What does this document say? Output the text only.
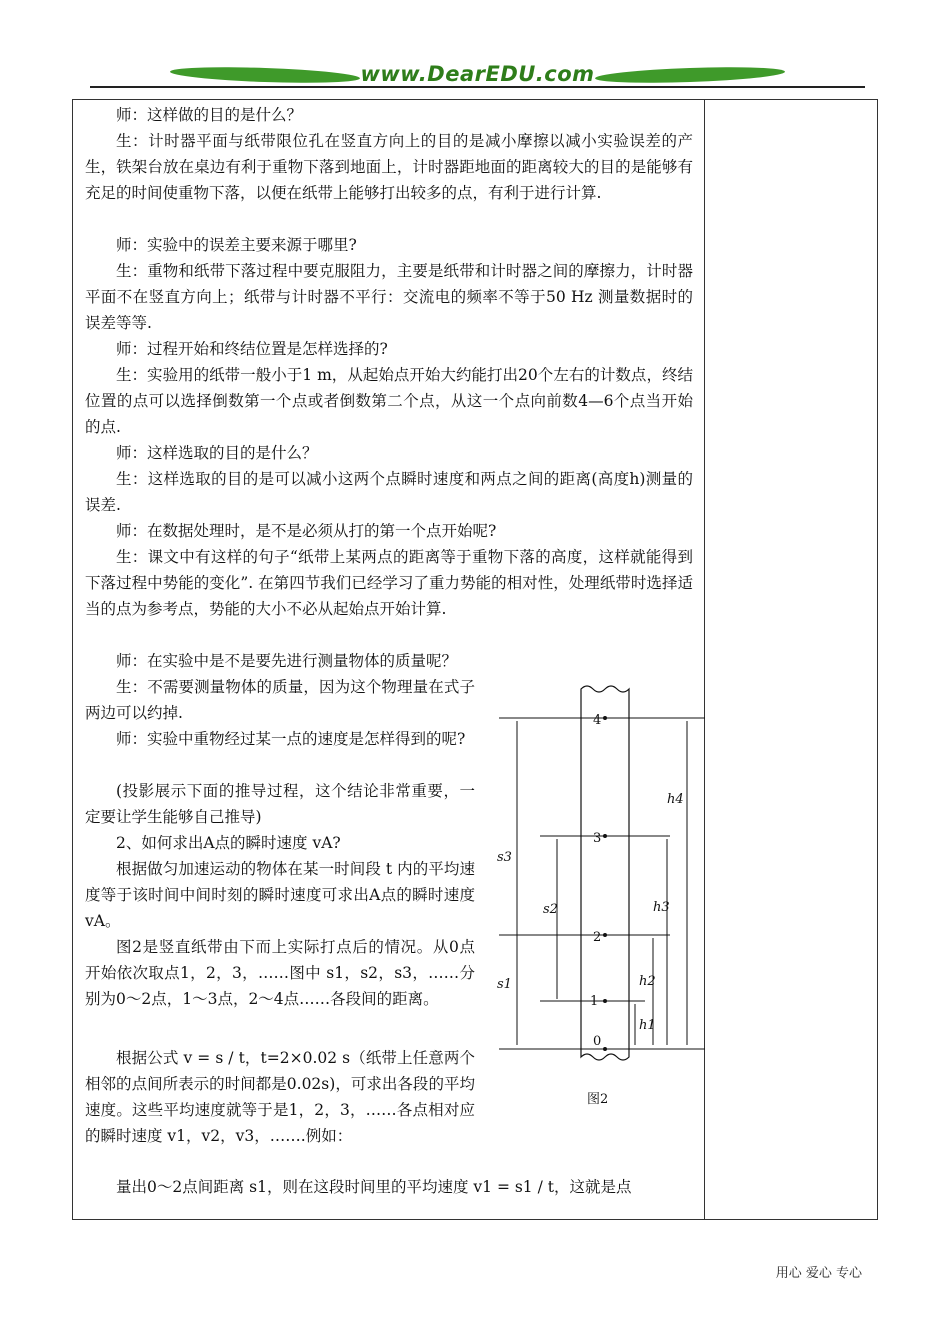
www.DearEDU.com
师：这样做的目的是什么？
生：计时器平面与纸带限位孔在竖直方向上的目的是减小摩擦以减小实验误差的产生，铁架台放在桌边有利于重物下落到地面上，计时器距地面的距离较大的目的是能够有充足的时间使重物下落，以便在纸带上能够打出较多的点，有利于进行计算.
师：实验中的误差主要来源于哪里?
生：重物和纸带下落过程中要克服阻力，主要是纸带和计时器之间的摩擦力，计时器平面不在竖直方向上；纸带与计时器不平行：交流电的频率不等于50 Hz 测量数据时的误差等等.
师：过程开始和终结位置是怎样选择的?
生：实验用的纸带一般小于1 m，从起始点开始大约能打出20个左右的计数点，终结位置的点可以选择倒数第一个点或者倒数第二个点，从这一个点向前数4—6个点当开始的点.
师：这样选取的目的是什么？
生：这样选取的目的是可以减小这两个点瞬时速度和两点之间的距离(高度h)测量的误差.
师：在数据处理时，是不是必须从打的第一个点开始呢?
生：课文中有这样的句子“纸带上某两点的距离等于重物下落的高度，这样就能得到下落过程中势能的变化”. 在第四节我们已经学习了重力势能的相对性，处理纸带时选择适当的点为参考点，势能的大小不必从起始点开始计算.
师：在实验中是不是要先进行测量物体的质量呢？
生：不需要测量物体的质量，因为这个物理量在式子两边可以约掉.
师：实验中重物经过某一点的速度是怎样得到的呢?
(投影展示下面的推导过程，这个结论非常重要，一定要让学生能够自己推导)
2、如何求出A点的瞬时速度 vA?
根据做匀加速运动的物体在某一时间段 t 内的平均速度等于该时间中间时刻的瞬时速度可求出A点的瞬时速度 vA。
图2是竖直纸带由下而上实际打点后的情况。从0点开始依次取点1，2，3，……图中 s1，s2，s3，……分别为0～2点，1～3点，2～4点……各段间的距离。
根据公式 v = s / t，t=2×0.02 s（纸带上任意两个相邻的点间所表示的时间都是0.02s)，可求出各段的平均速度。这些平均速度就等于是1，2，3，……各点相对应的瞬时速度 v1，v2，v3，…….例如：
量出0～2点间距离 s1，则在这段时间里的平均速度 v1 = s1 / t，这就是点
4
3
2
1
0
s3
s2
s1
h4
h3
h2
h1
图2
用心 爱心 专心
